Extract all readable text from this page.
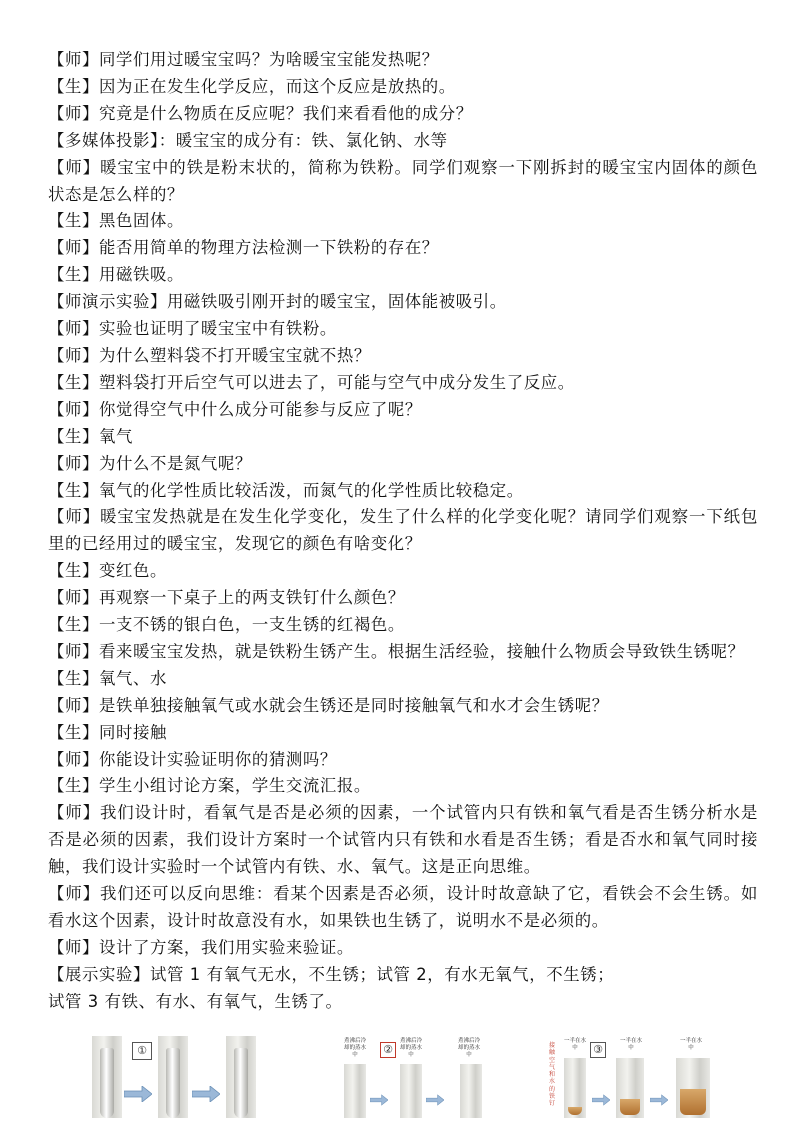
【师】同学们用过暖宝宝吗？为啥暖宝宝能发热呢？

【生】因为正在发生化学反应，而这个反应是放热的。

【师】究竟是什么物质在反应呢？我们来看看他的成分？

【多媒体投影】：暖宝宝的成分有：铁、氯化钠、水等

【师】暖宝宝中的铁是粉末状的，简称为铁粉。同学们观察一下刚拆封的暖宝宝内固体的颜色状态是怎么样的？

【生】黑色固体。

【师】能否用简单的物理方法检测一下铁粉的存在？

【生】用磁铁吸。

【师演示实验】用磁铁吸引刚开封的暖宝宝，固体能被吸引。

【师】实验也证明了暖宝宝中有铁粉。

【师】为什么塑料袋不打开暖宝宝就不热？

【生】塑料袋打开后空气可以进去了，可能与空气中成分发生了反应。

【师】你觉得空气中什么成分可能参与反应了呢？

【生】氧气

【师】为什么不是氮气呢？

【生】氧气的化学性质比较活泼，而氮气的化学性质比较稳定。

【师】暖宝宝发热就是在发生化学变化，发生了什么样的化学变化呢？请同学们观察一下纸包里的已经用过的暖宝宝，发现它的颜色有啥变化？

【生】变红色。

【师】再观察一下桌子上的两支铁钉什么颜色？

【生】一支不锈的银白色，一支生锈的红褐色。

【师】看来暖宝宝发热，就是铁粉生锈产生。根据生活经验，接触什么物质会导致铁生锈呢？

【生】氧气、水

【师】是铁单独接触氧气或水就会生锈还是同时接触氧气和水才会生锈呢？

【生】同时接触

【师】你能设计实验证明你的猜测吗？

【生】学生小组讨论方案，学生交流汇报。

【师】我们设计时，看氧气是否是必须的因素，一个试管内只有铁和氧气看是否生锈分析水是否是必须的因素，我们设计方案时一个试管内只有铁和水看是否生锈；看是否水和氧气同时接触，我们设计实验时一个试管内有铁、水、氧气。这是正向思维。

【师】我们还可以反向思维：看某个因素是否必须，设计时故意缺了它，看铁会不会生锈。如看水这个因素，设计时故意没有水，如果铁也生锈了，说明水不是必须的。

【师】设计了方案，我们用实验来验证。

【展示实验】试管 1 有氧气无水，不生锈；试管 2，有水无氧气，不生锈；

试管 3 有铁、有水、有氧气，生锈了。

①
煮沸后冷却的蒸水中	②
煮沸后冷却的蒸水中
煮沸后冷却的蒸水中
接触空气和水的铁钉
一半在水中	③
一半在水中
一半在水中
